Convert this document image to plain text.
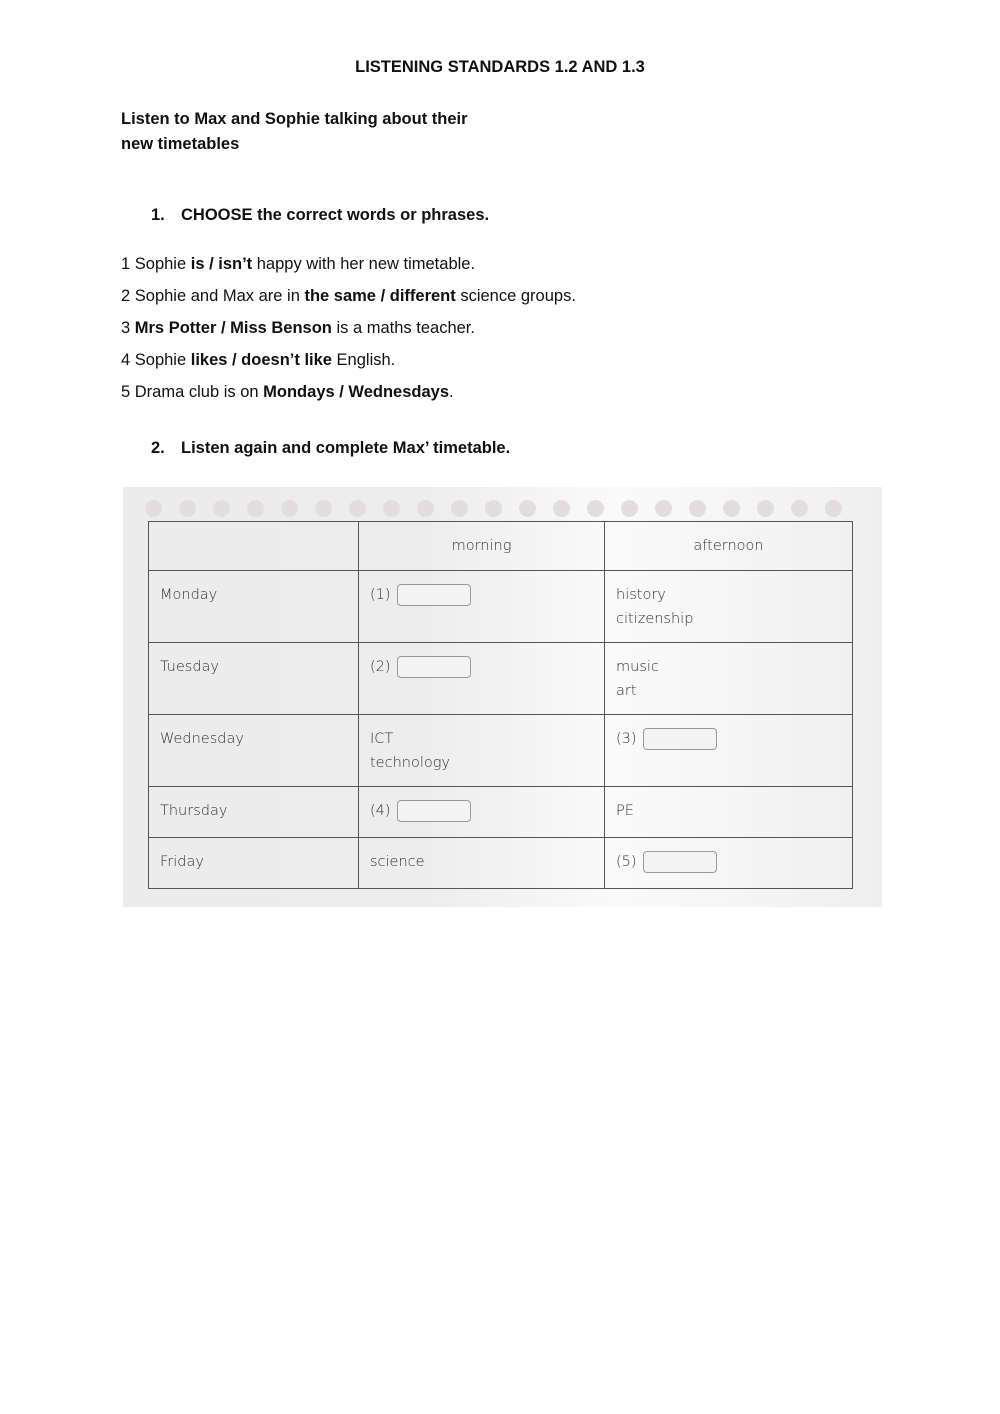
LISTENING STANDARDS 1.2 AND 1.3
Listen to Max and Sophie talking about their
new timetables
1. CHOOSE the correct words or phrases.
1 Sophie is / isn’t happy with her new timetable.
2 Sophie and Max are in the same / different science groups.
3 Mrs Potter / Miss Benson is a maths teacher.
4 Sophie likes / doesn’t like English.
5 Drama club is on Mondays / Wednesdays.
2. Listen again and complete Max’ timetable.
	morning	afternoon

Monday	(1)	history
citizenship

Tuesday	(2)	music
art

Wednesday	ICT
technology	(3)

Thursday	(4)	PE

Friday	science	(5)
